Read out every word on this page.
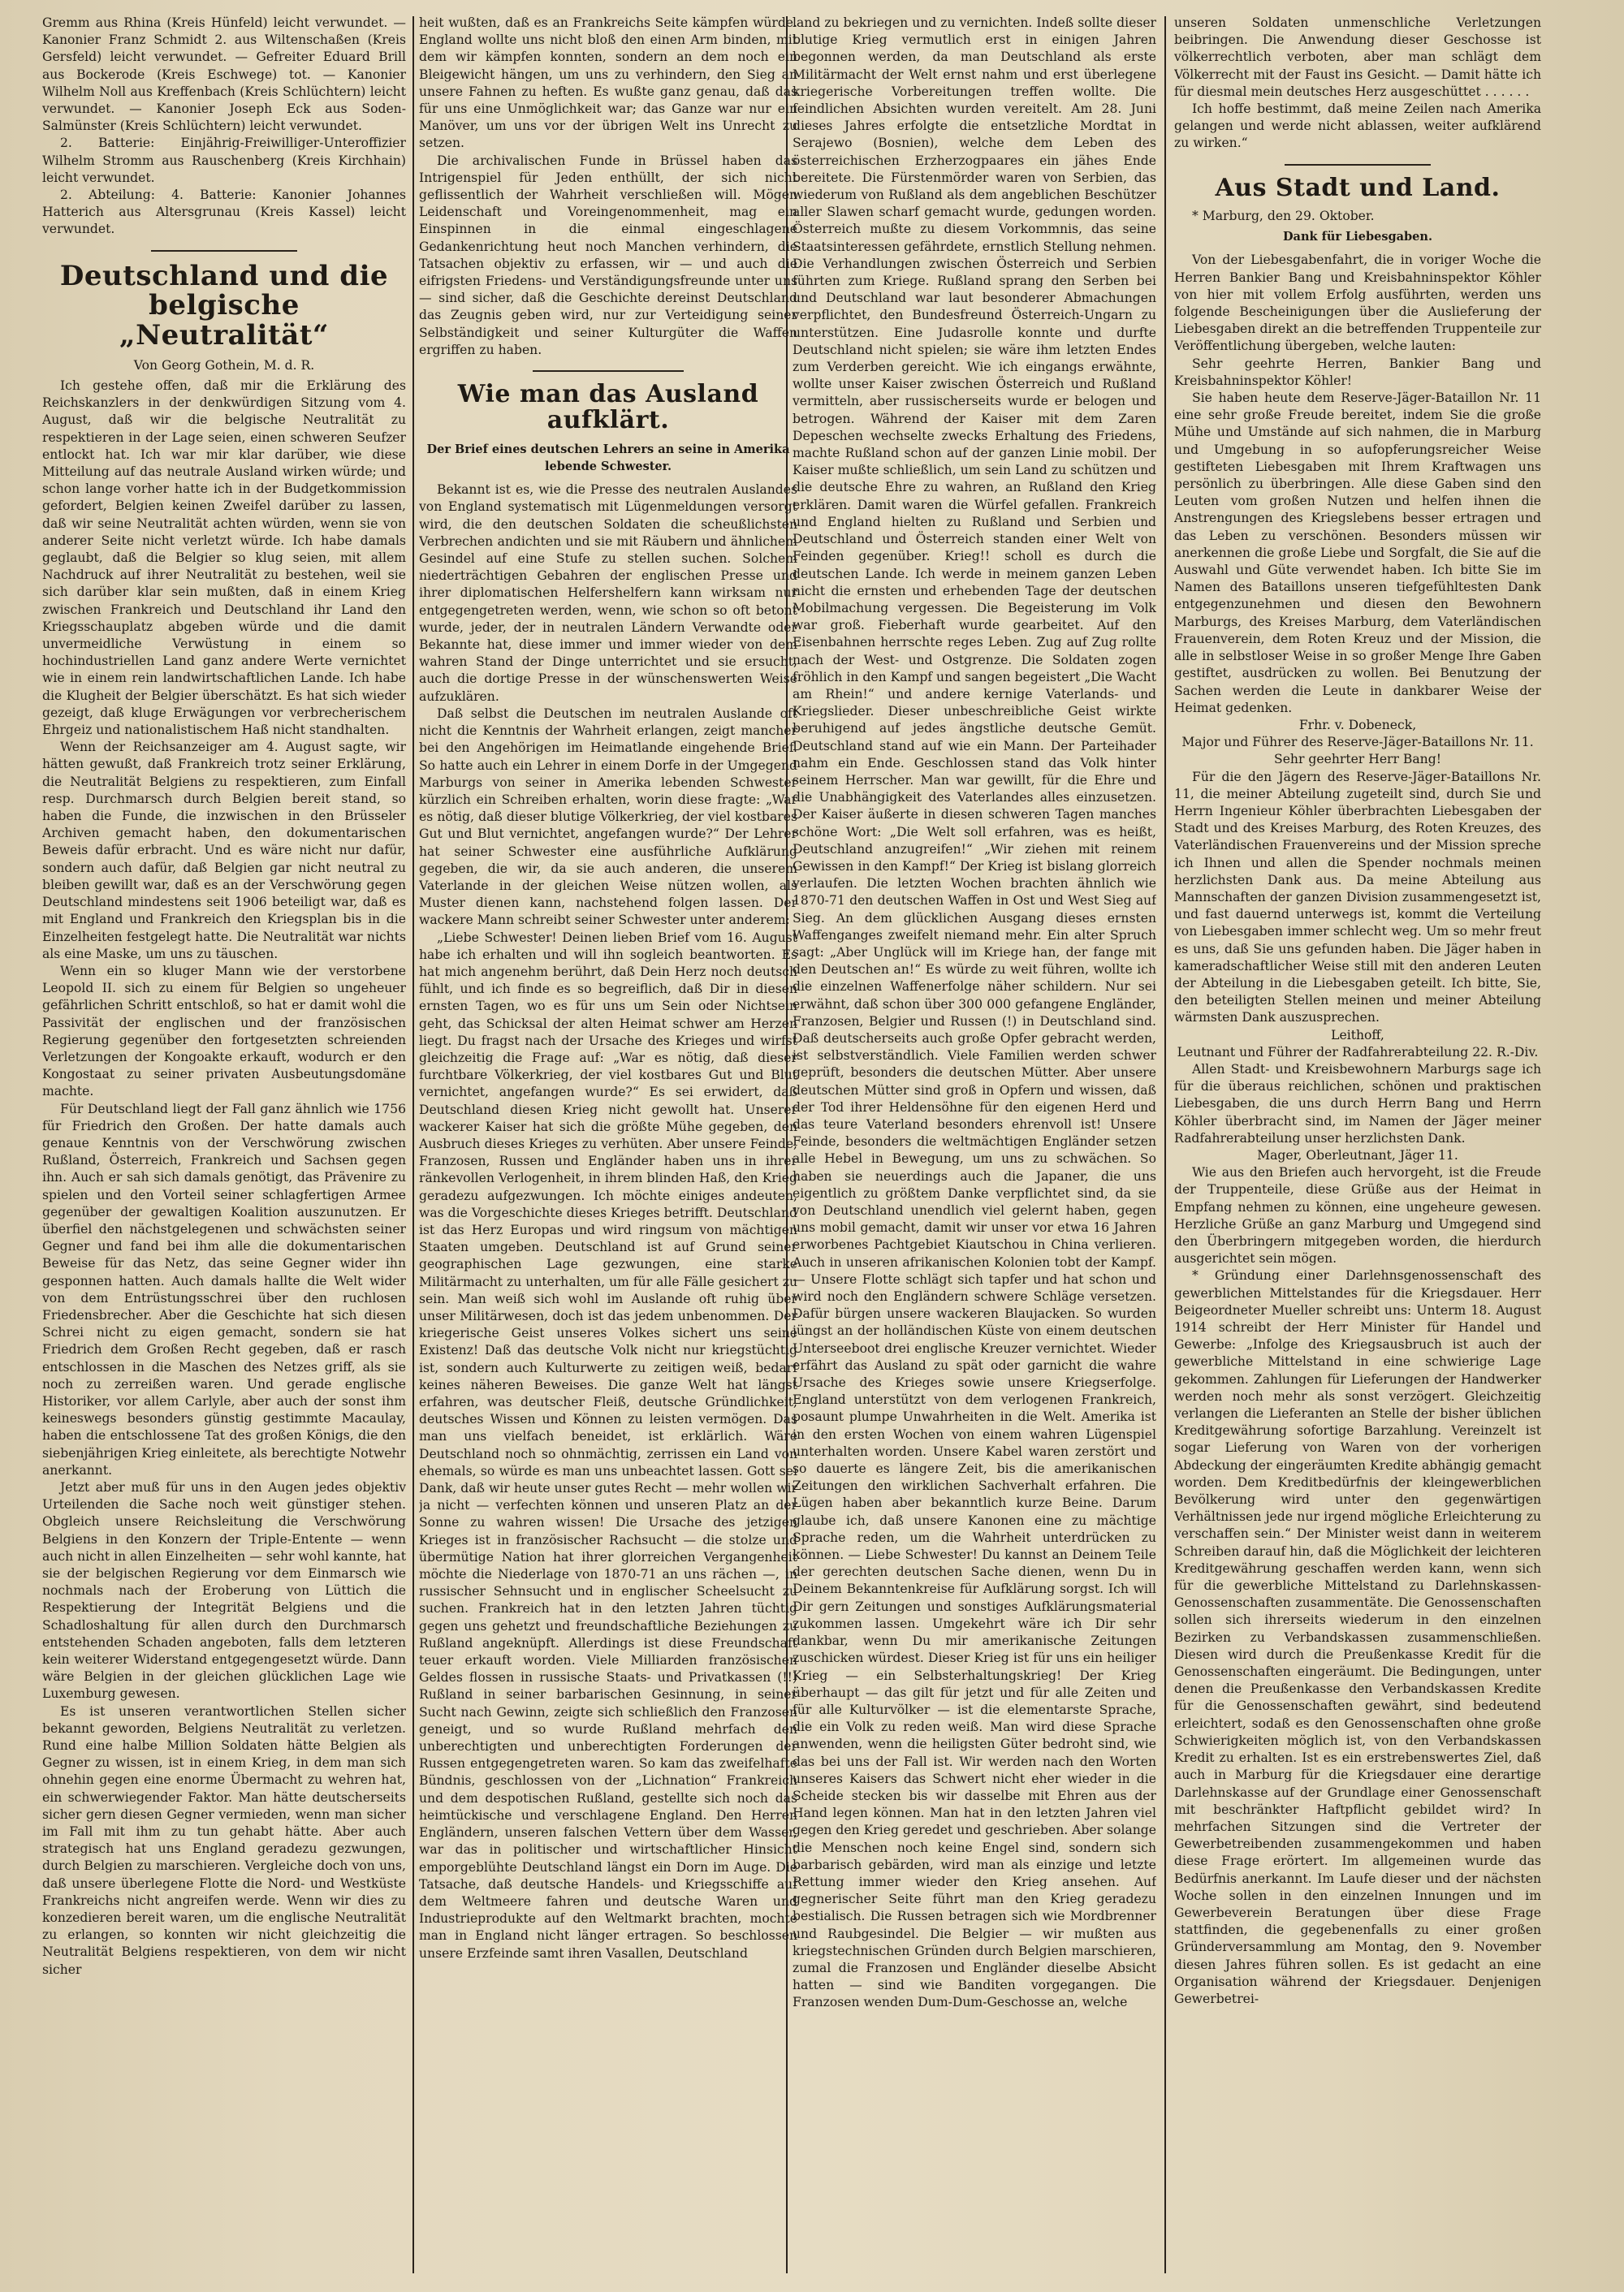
Gremm aus Rhina (Kreis Hünfeld) leicht verwundet. — Kanonier Franz Schmidt 2. aus Wiltenschaßen (Kreis Gersfeld) leicht verwundet. — Gefreiter Eduard Brill aus Bockerode (Kreis Eschwege) tot. — Kanonier Wilhelm Noll aus Kreffenbach (Kreis Schlüchtern) leicht verwundet. — Kanonier Joseph Eck aus Soden-Salmünster (Kreis Schlüchtern) leicht verwundet.

2. Batterie: Einjährig-Freiwilliger-Unteroffizier Wilhelm Stromm aus Rauschenberg (Kreis Kirchhain) leicht verwundet.

2. Abteilung: 4. Batterie: Kanonier Johannes Hatterich aus Altersgrunau (Kreis Kassel) leicht verwundet.

Deutschland und die belgische „Neutralität“
Von Georg Gothein, M. d. R.

Ich gestehe offen, daß mir die Erklärung des Reichskanzlers in der denkwürdigen Sitzung vom 4. August, daß wir die belgische Neutralität zu respektieren in der Lage seien, einen schweren Seufzer entlockt hat. Ich war mir klar darüber, wie diese Mitteilung auf das neutrale Ausland wirken würde; und schon lange vorher hatte ich in der Budgetkommission gefordert, Belgien keinen Zweifel darüber zu lassen, daß wir seine Neutralität achten würden, wenn sie von anderer Seite nicht verletzt würde. Ich habe damals geglaubt, daß die Belgier so klug seien, mit allem Nachdruck auf ihrer Neutralität zu bestehen, weil sie sich darüber klar sein mußten, daß in einem Krieg zwischen Frankreich und Deutschland ihr Land den Kriegsschauplatz abgeben würde und die damit unvermeidliche Verwüstung in einem so hochindustriellen Land ganz andere Werte vernichtet wie in einem rein landwirtschaftlichen Lande. Ich habe die Klugheit der Belgier überschätzt. Es hat sich wieder gezeigt, daß kluge Erwägungen vor verbrecherischem Ehrgeiz und nationalistischem Haß nicht standhalten.

Wenn der Reichsanzeiger am 4. August sagte, wir hätten gewußt, daß Frankreich trotz seiner Erklärung, die Neutralität Belgiens zu respektieren, zum Einfall resp. Durchmarsch durch Belgien bereit stand, so haben die Funde, die inzwischen in den Brüsseler Archiven gemacht haben, den dokumentarischen Beweis dafür erbracht. Und es wäre nicht nur dafür, sondern auch dafür, daß Belgien gar nicht neutral zu bleiben gewillt war, daß es an der Verschwörung gegen Deutschland mindestens seit 1906 beteiligt war, daß es mit England und Frankreich den Kriegsplan bis in die Einzelheiten festgelegt hatte. Die Neutralität war nichts als eine Maske, um uns zu täuschen.

Wenn ein so kluger Mann wie der verstorbene Leopold II. sich zu einem für Belgien so ungeheuer gefährlichen Schritt entschloß, so hat er damit wohl die Passivität der englischen und der französischen Regierung gegenüber den fortgesetzten schreienden Verletzungen der Kongoakte erkauft, wodurch er den Kongostaat zu seiner privaten Ausbeutungsdomäne machte.

Für Deutschland liegt der Fall ganz ähnlich wie 1756 für Friedrich den Großen. Der hatte damals auch genaue Kenntnis von der Verschwörung zwischen Rußland, Österreich, Frankreich und Sachsen gegen ihn. Auch er sah sich damals genötigt, das Prävenire zu spielen und den Vorteil seiner schlagfertigen Armee gegenüber der gewaltigen Koalition auszunutzen. Er überfiel den nächstgelegenen und schwächsten seiner Gegner und fand bei ihm alle die dokumentarischen Beweise für das Netz, das seine Gegner wider ihn gesponnen hatten. Auch damals hallte die Welt wider von dem Entrüstungsschrei über den ruchlosen Friedensbrecher. Aber die Geschichte hat sich diesen Schrei nicht zu eigen gemacht, sondern sie hat Friedrich dem Großen Recht gegeben, daß er rasch entschlossen in die Maschen des Netzes griff, als sie noch zu zerreißen waren. Und gerade englische Historiker, vor allem Carlyle, aber auch der sonst ihm keineswegs besonders günstig gestimmte Macaulay, haben die entschlossene Tat des großen Königs, die den siebenjährigen Krieg einleitete, als berechtigte Notwehr anerkannt.

Jetzt aber muß für uns in den Augen jedes objektiv Urteilenden die Sache noch weit günstiger stehen. Obgleich unsere Reichsleitung die Verschwörung Belgiens in den Konzern der Triple-Entente — wenn auch nicht in allen Einzelheiten — sehr wohl kannte, hat sie der belgischen Regierung vor dem Einmarsch wie nochmals nach der Eroberung von Lüttich die Respektierung der Integrität Belgiens und die Schadloshaltung für allen durch den Durchmarsch entstehenden Schaden angeboten, falls dem letzteren kein weiterer Widerstand entgegengesetzt würde. Dann wäre Belgien in der gleichen glücklichen Lage wie Luxemburg gewesen.

Es ist unseren verantwortlichen Stellen sicher bekannt geworden, Belgiens Neutralität zu verletzen. Rund eine halbe Million Soldaten hätte Belgien als Gegner zu wissen, ist in einem Krieg, in dem man sich ohnehin gegen eine enorme Übermacht zu wehren hat, ein schwerwiegender Faktor. Man hätte deutscherseits sicher gern diesen Gegner vermieden, wenn man sicher im Fall mit ihm zu tun gehabt hätte. Aber auch strategisch hat uns England geradezu gezwungen, durch Belgien zu marschieren. Vergleiche doch von uns, daß unsere überlegene Flotte die Nord- und Westküste Frankreichs nicht angreifen werde. Wenn wir dies zu konzedieren bereit waren, um die englische Neutralität zu erlangen, so konnten wir nicht gleichzeitig die Neutralität Belgiens respektieren, von dem wir nicht sicher

heit wußten, daß es an Frankreichs Seite kämpfen würde. England wollte uns nicht bloß den einen Arm binden, mit dem wir kämpfen konnten, sondern an dem noch ein Bleigewicht hängen, um uns zu verhindern, den Sieg an unsere Fahnen zu heften. Es wußte ganz genau, daß das für uns eine Unmöglichkeit war; das Ganze war nur ein Manöver, um uns vor der übrigen Welt ins Unrecht zu setzen.

Die archivalischen Funde in Brüssel haben das Intrigenspiel für Jeden enthüllt, der sich nicht geflissentlich der Wahrheit verschließen will. Mögen Leidenschaft und Voreingenommenheit, mag ein Einspinnen in die einmal eingeschlagene Gedankenrichtung heut noch Manchen verhindern, die Tatsachen objektiv zu erfassen, wir — und auch die eifrigsten Friedens- und Verständigungsfreunde unter uns — sind sicher, daß die Geschichte dereinst Deutschland das Zeugnis geben wird, nur zur Verteidigung seiner Selbständigkeit und seiner Kulturgüter die Waffen ergriffen zu haben.

Wie man das Ausland aufklärt.
Der Brief eines deutschen Lehrers an seine in Amerika lebende Schwester.

Bekannt ist es, wie die Presse des neutralen Auslandes von England systematisch mit Lügenmeldungen versorgt wird, die den deutschen Soldaten die scheußlichsten Verbrechen andichten und sie mit Räubern und ähnlichem Gesindel auf eine Stufe zu stellen suchen. Solchem niederträchtigen Gebahren der englischen Presse und ihrer diplomatischen Helfershelfern kann wirksam nur entgegengetreten werden, wenn, wie schon so oft betont wurde, jeder, der in neutralen Ländern Verwandte oder Bekannte hat, diese immer und immer wieder von dem wahren Stand der Dinge unterrichtet und sie ersucht, auch die dortige Presse in der wünschenswerten Weise aufzuklären.

Daß selbst die Deutschen im neutralen Auslande oft nicht die Kenntnis der Wahrheit erlangen, zeigt mancher bei den Angehörigen im Heimatlande eingehende Brief. So hatte auch ein Lehrer in einem Dorfe in der Umgegend Marburgs von seiner in Amerika lebenden Schwester kürzlich ein Schreiben erhalten, worin diese fragte: „War es nötig, daß dieser blutige Völkerkrieg, der viel kostbares Gut und Blut vernichtet, angefangen wurde?“ Der Lehrer hat seiner Schwester eine ausführliche Aufklärung gegeben, die wir, da sie auch anderen, die unserem Vaterlande in der gleichen Weise nützen wollen, als Muster dienen kann, nachstehend folgen lassen. Der wackere Mann schreibt seiner Schwester unter anderem:

„Liebe Schwester! Deinen lieben Brief vom 16. August habe ich erhalten und will ihn sogleich beantworten. Es hat mich angenehm berührt, daß Dein Herz noch deutsch fühlt, und ich finde es so begreiflich, daß Dir in diesen ernsten Tagen, wo es für uns um Sein oder Nichtsein geht, das Schicksal der alten Heimat schwer am Herzen liegt. Du fragst nach der Ursache des Krieges und wirfst gleichzeitig die Frage auf: „War es nötig, daß dieser furchtbare Völkerkrieg, der viel kostbares Gut und Blut vernichtet, angefangen wurde?“ Es sei erwidert, daß Deutschland diesen Krieg nicht gewollt hat. Unserer wackerer Kaiser hat sich die größte Mühe gegeben, den Ausbruch dieses Krieges zu verhüten. Aber unsere Feinde, Franzosen, Russen und Engländer haben uns in ihrer ränkevollen Verlogenheit, in ihrem blinden Haß, den Krieg geradezu aufgezwungen. Ich möchte einiges andeuten, was die Vorgeschichte dieses Krieges betrifft. Deutschland ist das Herz Europas und wird ringsum von mächtigen Staaten umgeben. Deutschland ist auf Grund seiner geographischen Lage gezwungen, eine starke Militärmacht zu unterhalten, um für alle Fälle gesichert zu sein. Man weiß sich wohl im Auslande oft ruhig über unser Militärwesen, doch ist das jedem unbenommen. Der kriegerische Geist unseres Volkes sichert uns seine Existenz! Daß das deutsche Volk nicht nur kriegstüchtig ist, sondern auch Kulturwerte zu zeitigen weiß, bedarf keines näheren Beweises. Die ganze Welt hat längst erfahren, was deutscher Fleiß, deutsche Gründlichkeit, deutsches Wissen und Können zu leisten vermögen. Das man uns vielfach beneidet, ist erklärlich. Wäre Deutschland noch so ohnmächtig, zerrissen ein Land von ehemals, so würde es man uns unbeachtet lassen. Gott sei Dank, daß wir heute unser gutes Recht — mehr wollen wir ja nicht — verfechten können und unseren Platz an der Sonne zu wahren wissen! Die Ursache des jetzigen Krieges ist in französischer Rachsucht — die stolze und übermütige Nation hat ihrer glorreichen Vergangenheit möchte die Niederlage von 1870-71 an uns rächen —, in russischer Sehnsucht und in englischer Scheelsucht zu suchen. Frankreich hat in den letzten Jahren tüchtig gegen uns gehetzt und freundschaftliche Beziehungen zu Rußland angeknüpft. Allerdings ist diese Freundschaft teuer erkauft worden. Viele Milliarden französischen Geldes flossen in russische Staats- und Privatkassen (!!) Rußland in seiner barbarischen Gesinnung, in seiner Sucht nach Gewinn, zeigte sich schließlich den Franzosen geneigt, und so wurde Rußland mehrfach den unberechtigten und unberechtigten Forderungen der Russen entgegengetreten waren. So kam das zweifelhafte Bündnis, geschlossen von der „Lichnation“ Frankreich und dem despotischen Rußland, gestellte sich noch das heimtückische und verschlagene England. Den Herren Engländern, unseren falschen Vettern über dem Wasser, war das in politischer und wirtschaftlicher Hinsicht emporgeblühte Deutschland längst ein Dorn im Auge. Die Tatsache, daß deutsche Handels- und Kriegsschiffe auf dem Weltmeere fahren und deutsche Waren und Industrieprodukte auf den Weltmarkt brachten, mochte man in England nicht länger ertragen. So beschlossen unsere Erzfeinde samt ihren Vasallen, Deutschland

land zu bekriegen und zu vernichten. Indeß sollte dieser blutige Krieg vermutlich erst in einigen Jahren begonnen werden, da man Deutschland als erste Militärmacht der Welt ernst nahm und erst überlegene kriegerische Vorbereitungen treffen wollte. Die feindlichen Absichten wurden vereitelt. Am 28. Juni dieses Jahres erfolgte die entsetzliche Mordtat in Serajewo (Bosnien), welche dem Leben des österreichischen Erzherzogpaares ein jähes Ende bereitete. Die Fürstenmörder waren von Serbien, das wiederum von Rußland als dem angeblichen Beschützer aller Slawen scharf gemacht wurde, gedungen worden. Österreich mußte zu diesem Vorkommnis, das seine Staatsinteressen gefährdete, ernstlich Stellung nehmen. Die Verhandlungen zwischen Österreich und Serbien führten zum Kriege. Rußland sprang den Serben bei und Deutschland war laut besonderer Abmachungen verpflichtet, den Bundesfreund Österreich-Ungarn zu unterstützen. Eine Judasrolle konnte und durfte Deutschland nicht spielen; sie wäre ihm letzten Endes zum Verderben gereicht. Wie ich eingangs erwähnte, wollte unser Kaiser zwischen Österreich und Rußland vermitteln, aber russischerseits wurde er belogen und betrogen. Während der Kaiser mit dem Zaren Depeschen wechselte zwecks Erhaltung des Friedens, machte Rußland schon auf der ganzen Linie mobil. Der Kaiser mußte schließlich, um sein Land zu schützen und die deutsche Ehre zu wahren, an Rußland den Krieg erklären. Damit waren die Würfel gefallen. Frankreich und England hielten zu Rußland und Serbien und Deutschland und Österreich standen einer Welt von Feinden gegenüber. Krieg!! scholl es durch die deutschen Lande. Ich werde in meinem ganzen Leben nicht die ernsten und erhebenden Tage der deutschen Mobilmachung vergessen. Die Begeisterung im Volk war groß. Fieberhaft wurde gearbeitet. Auf den Eisenbahnen herrschte reges Leben. Zug auf Zug rollte nach der West- und Ostgrenze. Die Soldaten zogen fröhlich in den Kampf und sangen begeistert „Die Wacht am Rhein!“ und andere kernige Vaterlands- und Kriegslieder. Dieser unbeschreibliche Geist wirkte beruhigend auf jedes ängstliche deutsche Gemüt. Deutschland stand auf wie ein Mann. Der Parteihader nahm ein Ende. Geschlossen stand das Volk hinter seinem Herrscher. Man war gewillt, für die Ehre und die Unabhängigkeit des Vaterlandes alles einzusetzen. Der Kaiser äußerte in diesen schweren Tagen manches schöne Wort: „Die Welt soll erfahren, was es heißt, Deutschland anzugreifen!“ „Wir ziehen mit reinem Gewissen in den Kampf!“ Der Krieg ist bislang glorreich verlaufen. Die letzten Wochen brachten ähnlich wie 1870-71 den deutschen Waffen in Ost und West Sieg auf Sieg. An dem glücklichen Ausgang dieses ernsten Waffenganges zweifelt niemand mehr. Ein alter Spruch sagt: „Aber Unglück will im Kriege han, der fange mit den Deutschen an!“ Es würde zu weit führen, wollte ich die einzelnen Waffenerfolge näher schildern. Nur sei erwähnt, daß schon über 300 000 gefangene Engländer, Franzosen, Belgier und Russen (!) in Deutschland sind. Daß deutscherseits auch große Opfer gebracht werden, ist selbstverständlich. Viele Familien werden schwer geprüft, besonders die deutschen Mütter. Aber unsere deutschen Mütter sind groß in Opfern und wissen, daß der Tod ihrer Heldensöhne für den eigenen Herd und das teure Vaterland besonders ehrenvoll ist! Unsere Feinde, besonders die weltmächtigen Engländer setzen alle Hebel in Bewegung, um uns zu schwächen. So haben sie neuerdings auch die Japaner, die uns eigentlich zu größtem Danke verpflichtet sind, da sie von Deutschland unendlich viel gelernt haben, gegen uns mobil gemacht, damit wir unser vor etwa 16 Jahren erworbenes Pachtgebiet Kiautschou in China verlieren. Auch in unseren afrikanischen Kolonien tobt der Kampf. — Unsere Flotte schlägt sich tapfer und hat schon und wird noch den Engländern schwere Schläge versetzen. Dafür bürgen unsere wackeren Blaujacken. So wurden jüngst an der holländischen Küste von einem deutschen Unterseeboot drei englische Kreuzer vernichtet. Wieder erfährt das Ausland zu spät oder garnicht die wahre Ursache des Krieges sowie unsere Kriegserfolge. England unterstützt von dem verlogenen Frankreich, posaunt plumpe Unwahrheiten in die Welt. Amerika ist in den ersten Wochen von einem wahren Lügenspiel unterhalten worden. Unsere Kabel waren zerstört und so dauerte es längere Zeit, bis die amerikanischen Zeitungen den wirklichen Sachverhalt erfahren. Die Lügen haben aber bekanntlich kurze Beine. Darum glaube ich, daß unsere Kanonen eine zu mächtige Sprache reden, um die Wahrheit unterdrücken zu können. — Liebe Schwester! Du kannst an Deinem Teile der gerechten deutschen Sache dienen, wenn Du in Deinem Bekanntenkreise für Aufklärung sorgst. Ich will Dir gern Zeitungen und sonstiges Aufklärungsmaterial zukommen lassen. Umgekehrt wäre ich Dir sehr dankbar, wenn Du mir amerikanische Zeitungen zuschicken würdest. Dieser Krieg ist für uns ein heiliger Krieg — ein Selbsterhaltungskrieg! Der Krieg überhaupt — das gilt für jetzt und für alle Zeiten und für alle Kulturvölker — ist die elementarste Sprache, die ein Volk zu reden weiß. Man wird diese Sprache anwenden, wenn die heiligsten Güter bedroht sind, wie das bei uns der Fall ist. Wir werden nach den Worten unseres Kaisers das Schwert nicht eher wieder in die Scheide stecken bis wir dasselbe mit Ehren aus der Hand legen können. Man hat in den letzten Jahren viel gegen den Krieg geredet und geschrieben. Aber solange die Menschen noch keine Engel sind, sondern sich barbarisch gebärden, wird man als einzige und letzte Rettung immer wieder den Krieg ansehen. Auf gegnerischer Seite führt man den Krieg geradezu bestialisch. Die Russen betragen sich wie Mordbrenner und Raubgesindel. Die Belgier — wir mußten aus kriegstechnischen Gründen durch Belgien marschieren, zumal die Franzosen und Engländer dieselbe Absicht hatten — sind wie Banditen vorgegangen. Die Franzosen wenden Dum-Dum-Geschosse an, welche

unseren Soldaten unmenschliche Verletzungen beibringen. Die Anwendung dieser Geschosse ist völkerrechtlich verboten, aber man schlägt dem Völkerrecht mit der Faust ins Gesicht. — Damit hätte ich für diesmal mein deutsches Herz ausgeschüttet . . . . . .

Ich hoffe bestimmt, daß meine Zeilen nach Amerika gelangen und werde nicht ablassen, weiter aufklärend zu wirken.“

Aus Stadt und Land.

* Marburg, den 29. Oktober.

Dank für Liebesgaben.

Von der Liebesgabenfahrt, die in voriger Woche die Herren Bankier Bang und Kreisbahninspektor Köhler von hier mit vollem Erfolg ausführten, werden uns folgende Bescheinigungen über die Auslieferung der Liebesgaben direkt an die betreffenden Truppenteile zur Veröffentlichung übergeben, welche lauten:

Sehr geehrte Herren, Bankier Bang und Kreisbahninspektor Köhler!

Sie haben heute dem Reserve-Jäger-Bataillon Nr. 11 eine sehr große Freude bereitet, indem Sie die große Mühe und Umstände auf sich nahmen, die in Marburg und Umgebung in so aufopferungsreicher Weise gestifteten Liebesgaben mit Ihrem Kraftwagen uns persönlich zu überbringen. Alle diese Gaben sind den Leuten vom großen Nutzen und helfen ihnen die Anstrengungen des Kriegslebens besser ertragen und das Leben zu verschönen. Besonders müssen wir anerkennen die große Liebe und Sorgfalt, die Sie auf die Auswahl und Güte verwendet haben. Ich bitte Sie im Namen des Bataillons unseren tiefgefühltesten Dank entgegenzunehmen und diesen den Bewohnern Marburgs, des Kreises Marburg, dem Vaterländischen Frauenverein, dem Roten Kreuz und der Mission, die alle in selbstloser Weise in so großer Menge Ihre Gaben gestiftet, ausdrücken zu wollen. Bei Benutzung der Sachen werden die Leute in dankbarer Weise der Heimat gedenken.

Frhr. v. Dobeneck,

Major und Führer des Reserve-Jäger-Bataillons Nr. 11.

Sehr geehrter Herr Bang!

Für die den Jägern des Reserve-Jäger-Bataillons Nr. 11, die meiner Abteilung zugeteilt sind, durch Sie und Herrn Ingenieur Köhler überbrachten Liebesgaben der Stadt und des Kreises Marburg, des Roten Kreuzes, des Vaterländischen Frauenvereins und der Mission spreche ich Ihnen und allen die Spender nochmals meinen herzlichsten Dank aus. Da meine Abteilung aus Mannschaften der ganzen Division zusammengesetzt ist, und fast dauernd unterwegs ist, kommt die Verteilung von Liebesgaben immer schlecht weg. Um so mehr freut es uns, daß Sie uns gefunden haben. Die Jäger haben in kameradschaftlicher Weise still mit den anderen Leuten der Abteilung in die Liebesgaben geteilt. Ich bitte, Sie, den beteiligten Stellen meinen und meiner Abteilung wärmsten Dank auszusprechen.

Leithoff,

Leutnant und Führer der Radfahrerabteilung 22. R.-Div.

Allen Stadt- und Kreisbewohnern Marburgs sage ich für die überaus reichlichen, schönen und praktischen Liebesgaben, die uns durch Herrn Bang und Herrn Köhler überbracht sind, im Namen der Jäger meiner Radfahrerabteilung unser herzlichsten Dank.

Mager, Oberleutnant, Jäger 11.

Wie aus den Briefen auch hervorgeht, ist die Freude der Truppenteile, diese Grüße aus der Heimat in Empfang nehmen zu können, eine ungeheure gewesen. Herzliche Grüße an ganz Marburg und Umgegend sind den Überbringern mitgegeben worden, die hierdurch ausgerichtet sein mögen.

* Gründung einer Darlehnsgenossenschaft des gewerblichen Mittelstandes für die Kriegsdauer. Herr Beigeordneter Mueller schreibt uns: Unterm 18. August 1914 schreibt der Herr Minister für Handel und Gewerbe: „Infolge des Kriegsausbruch ist auch der gewerbliche Mittelstand in eine schwierige Lage gekommen. Zahlungen für Lieferungen der Handwerker werden noch mehr als sonst verzögert. Gleichzeitig verlangen die Lieferanten an Stelle der bisher üblichen Kreditgewährung sofortige Barzahlung. Vereinzelt ist sogar Lieferung von Waren von der vorherigen Abdeckung der eingeräumten Kredite abhängig gemacht worden. Dem Kreditbedürfnis der kleingewerblichen Bevölkerung wird unter den gegenwärtigen Verhältnissen jede nur irgend mögliche Erleichterung zu verschaffen sein.“ Der Minister weist dann in weiterem Schreiben darauf hin, daß die Möglichkeit der leichteren Kreditgewährung geschaffen werden kann, wenn sich für die gewerbliche Mittelstand zu Darlehnskassen-Genossenschaften zusammentäte. Die Genossenschaften sollen sich ihrerseits wiederum in den einzelnen Bezirken zu Verbandskassen zusammenschließen. Diesen wird durch die Preußenkasse Kredit für die Genossenschaften eingeräumt. Die Bedingungen, unter denen die Preußenkasse den Verbandskassen Kredite für die Genossenschaften gewährt, sind bedeutend erleichtert, sodaß es den Genossenschaften ohne große Schwierigkeiten möglich ist, von den Verbandskassen Kredit zu erhalten. Ist es ein erstrebenswertes Ziel, daß auch in Marburg für die Kriegsdauer eine derartige Darlehnskasse auf der Grundlage einer Genossenschaft mit beschränkter Haftpflicht gebildet wird? In mehrfachen Sitzungen sind die Vertreter der Gewerbetreibenden zusammengekommen und haben diese Frage erörtert. Im allgemeinen wurde das Bedürfnis anerkannt. Im Laufe dieser und der nächsten Woche sollen in den einzelnen Innungen und im Gewerbeverein Beratungen über diese Frage stattfinden, die gegebenenfalls zu einer großen Gründerversammlung am Montag, den 9. November diesen Jahres führen sollen. Es ist gedacht an eine Organisation während der Kriegsdauer. Denjenigen Gewerbetrei-
